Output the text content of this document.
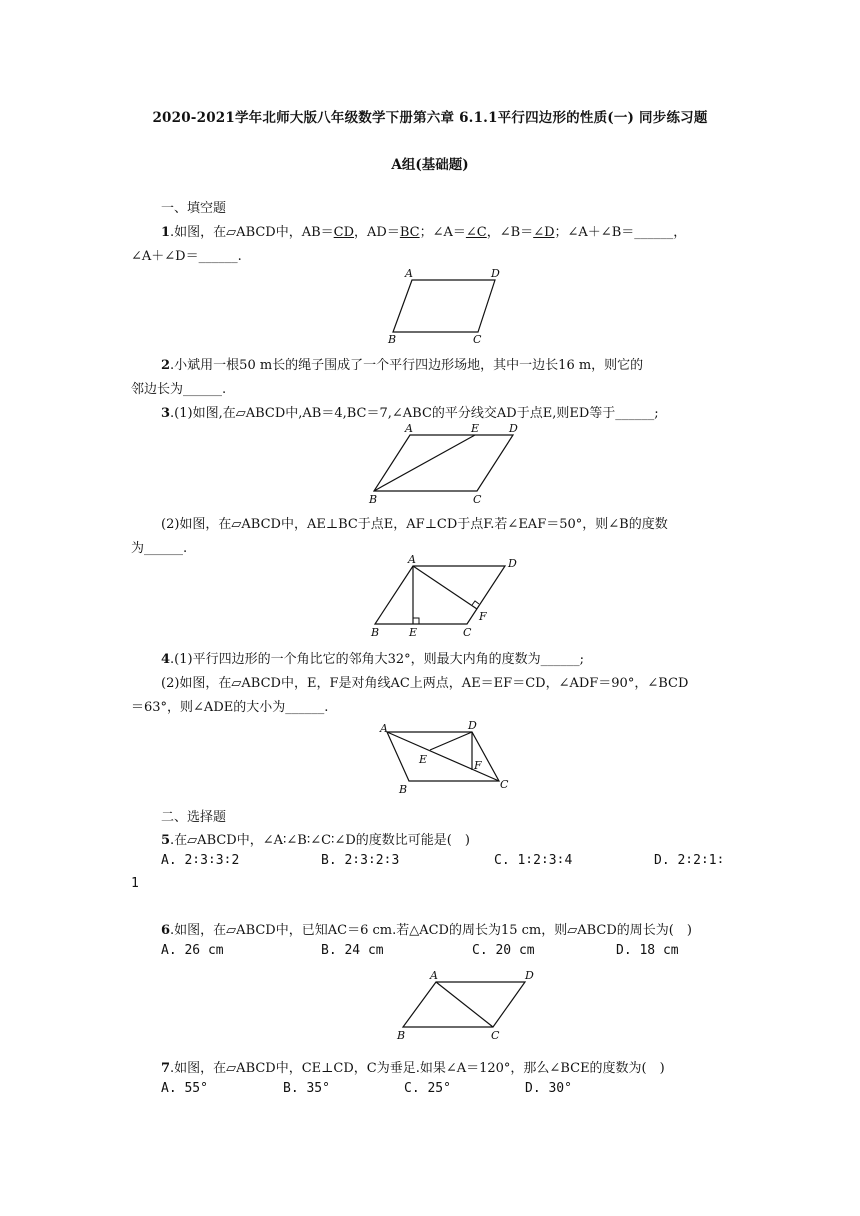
2020-2021学年北师大版八年级数学下册第六章 6.1.1平行四边形的性质(一) 同步练习题
A组(基础题)
一、填空题
1.如图，在▱ABCD中，AB＝CD，AD＝BC；∠A＝∠C，∠B＝∠D；∠A＋∠B＝______，
∠A＋∠D＝______.
A	D
B	C
2.小斌用一根50 m长的绳子围成了一个平行四边形场地，其中一边长16 m，则它的
邻边长为______.
3.(1)如图,在▱ABCD中,AB＝4,BC＝7,∠ABC的平分线交AD于点E,则ED等于______;
A	E	D
B	C
(2)如图，在▱ABCD中，AE⊥BC于点E，AF⊥CD于点F.若∠EAF＝50°，则∠B的度数
为______.
A	D
F
B	E	C
4.(1)平行四边形的一个角比它的邻角大32°，则最大内角的度数为______;
(2)如图，在▱ABCD中，E，F是对角线AC上两点，AE＝EF＝CD，∠ADF＝90°，∠BCD
＝63°，则∠ADE的大小为______.
A	D
E	F
B	C
二、选择题
5.在▱ABCD中，∠A∶∠B∶∠C∶∠D的度数比可能是(　)
A. 2∶3∶3∶2	B. 2∶3∶2∶3	C. 1∶2∶3∶4	D. 2∶2∶1∶
1
6.如图，在▱ABCD中，已知AC＝6 cm.若△ACD的周长为15 cm，则▱ABCD的周长为(　)
A. 26 cm	B. 24 cm	C. 20 cm	D. 18 cm
A	D
B	C
7.如图，在▱ABCD中，CE⊥CD，C为垂足.如果∠A＝120°，那么∠BCE的度数为(　)
A. 55°	B. 35°	C. 25°	D. 30°
